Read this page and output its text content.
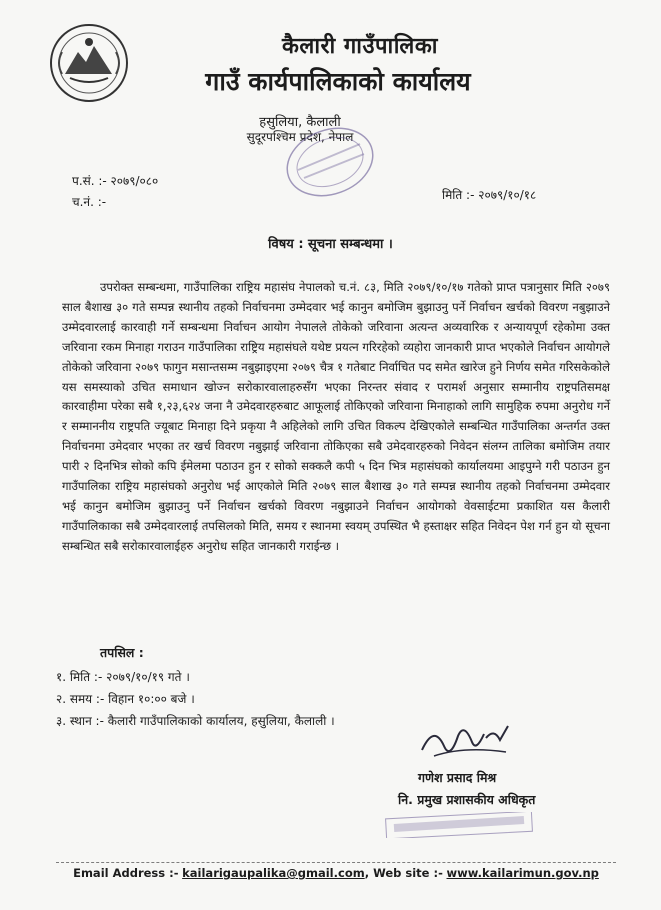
कैलारी गाउँपालिका
गाउँ कार्यपालिकाको कार्यालय
हसुलिया, कैलाली
सुदूरपश्चिम प्रदेश, नेपाल
प.सं. :- २०७९/०८०
च.नं. :-	मिति :- २०७९/१०/१८
विषय : सूचना सम्बन्धमा ।
उपरोक्त सम्बन्धमा, गाउँपालिका राष्ट्रिय महासंघ नेपालको च.नं. ८३, मिति २०७९/१०/१७ गतेको प्राप्त पत्रानुसार मिति २०७९ साल बैशाख ३० गते सम्पन्न स्थानीय तहको निर्वाचनमा उम्मेदवार भई कानुन बमोजिम बुझाउनु पर्ने निर्वाचन खर्चको विवरण नबुझाउने उम्मेदवारलाई कारवाही गर्ने सम्बन्धमा निर्वाचन आयोग नेपालले तोकेको जरिवाना अत्यन्त अव्यवारिक र अन्यायपूर्ण रहेकोमा उक्त जरिवाना रकम मिनाहा गराउन गाउँपालिका राष्ट्रिय महासंघले यथेष्ट प्रयत्न गरिरहेको व्यहोरा जानकारी प्राप्त भएकोले निर्वाचन आयोगले तोकेको जरिवाना २०७९ फागुन मसान्तसम्म नबुझाइएमा २०७९ चैत्र १ गतेबाट निर्वाचित पद समेत खारेज हुने निर्णय समेत गरिसकेकोले यस समस्याको उचित समाधान खोज्न सरोकारवालाहरुसँग भएका निरन्तर संवाद र परामर्श अनुसार सम्मानीय राष्ट्रपतिसमक्ष कारवाहीमा परेका सबै १,२३,६२४ जना नै उमेदवारहरुबाट आफूलाई तोकिएको जरिवाना मिनाहाको लागि सामुहिक रुपमा अनुरोध गर्ने र सम्माननीय राष्ट्रपति ज्यूबाट मिनाहा दिने प्रकृया नै अहिलेको लागि उचित विकल्प देखिएकोले सम्बन्धित गाउँपालिका अन्तर्गत उक्त निर्वाचनमा उमेदवार भएका तर खर्च विवरण नबुझाई जरिवाना तोकिएका सबै उमेदवारहरुको निवेदन संलग्न तालिका बमोजिम तयार पारी २ दिनभित्र सोको कपि ईमेलमा पठाउन हुन र सोको सक्कलै कपी ५ दिन भित्र महासंघको कार्यालयमा आइपुग्ने गरी पठाउन हुन गाउँपालिका राष्ट्रिय महासंघको अनुरोध भई आएकोले मिति २०७९ साल बैशाख ३० गते सम्पन्न स्थानीय तहको निर्वाचनमा उम्मेदवार भई कानुन बमोजिम बुझाउनु पर्ने निर्वाचन खर्चको विवरण नबुझाउने निर्वाचन आयोगको वेवसाईटमा प्रकाशित यस कैलारी गाउँपालिकाका सबै उम्मेदवारलाई तपसिलको मिति, समय र स्थानमा स्वयम् उपस्थित भै हस्ताक्षर सहित निवेदन पेश गर्न हुन यो सूचना सम्बन्धित सबै सरोकारवालाईहरु अनुरोध सहित जानकारी गराईन्छ ।
तपसिल :
१. मिति :- २०७९/१०/१९ गते ।
२. समय :- विहान १०:०० बजे ।
३. स्थान :- कैलारी गाउँपालिकाको कार्यालय, हसुलिया, कैलाली ।
गणेश प्रसाद मिश्र
नि. प्रमुख प्रशासकीय अधिकृत
Email Address :- kailarigaupalika@gmail.com, Web site :- www.kailarimun.gov.np
